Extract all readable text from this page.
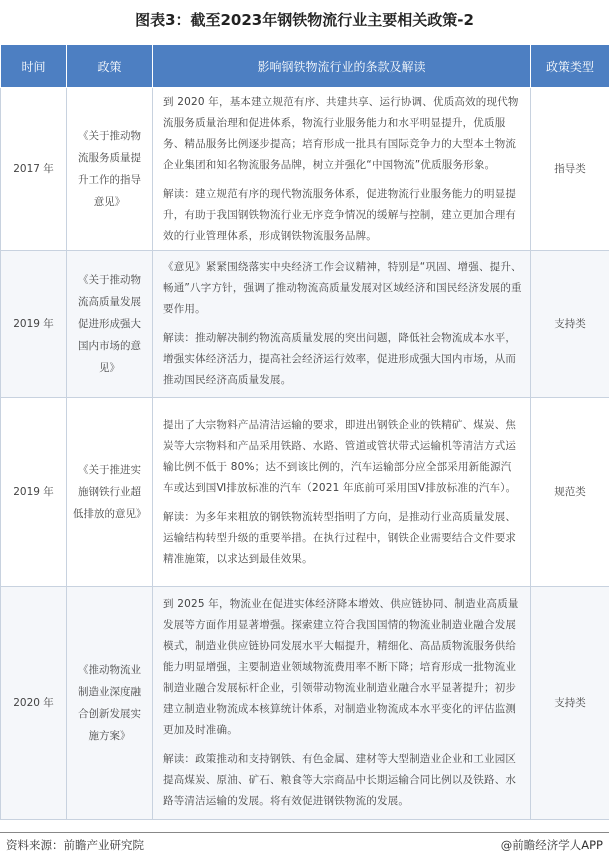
图表3：截至2023年钢铁物流行业主要相关政策-2
时间	政策	影响钢铁物流行业的条款及解读	政策类型
2017 年	《关于推动物流服务质量提升工作的指导意见》	到 2020 年，基本建立规范有序、共建共享、运行协调、优质高效的现代物流服务质量治理和促进体系，物流行业服务能力和水平明显提升，优质服务、精品服务比例逐步提高；培育形成一批具有国际竞争力的大型本土物流企业集团和知名物流服务品牌，树立并强化“中国物流”优质服务形象。

解读：建立规范有序的现代物流服务体系，促进物流行业服务能力的明显提升，有助于我国钢铁物流行业无序竞争情况的缓解与控制，建立更加合理有效的行业管理体系，形成钢铁物流服务品牌。	指导类
2019 年	《关于推动物流高质量发展促进形成强大国内市场的意见》	《意见》紧紧围绕落实中央经济工作会议精神，特别是“巩固、增强、提升、畅通”八字方针，强调了推动物流高质量发展对区域经济和国民经济发展的重要作用。

解读：推动解决制约物流高质量发展的突出问题，降低社会物流成本水平，增强实体经济活力，提高社会经济运行效率，促进形成强大国内市场，从而推动国民经济高质量发展。	支持类
2019 年	《关于推进实施钢铁行业超低排放的意见》	提出了大宗物料产品清洁运输的要求，即进出钢铁企业的铁精矿、煤炭、焦炭等大宗物料和产品采用铁路、水路、管道或管状带式运输机等清洁方式运输比例不低于 80%；达不到该比例的，汽车运输部分应全部采用新能源汽车或达到国Ⅵ排放标准的汽车（2021 年底前可采用国Ⅴ排放标准的汽车）。

解读：为多年来粗放的钢铁物流转型指明了方向，是推动行业高质量发展、运输结构转型升级的重要举措。在执行过程中，钢铁企业需要结合文件要求精准施策，以求达到最佳效果。	规范类
2020 年	《推动物流业制造业深度融合创新发展实施方案》	到 2025 年，物流业在促进实体经济降本增效、供应链协同、制造业高质量发展等方面作用显著增强。探索建立符合我国国情的物流业制造业融合发展模式，制造业供应链协同发展水平大幅提升，精细化、高品质物流服务供给能力明显增强，主要制造业领域物流费用率不断下降；培育形成一批物流业制造业融合发展标杆企业，引领带动物流业制造业融合水平显著提升；初步建立制造业物流成本核算统计体系，对制造业物流成本水平变化的评估监测更加及时准确。

解读：政策推动和支持钢铁、有色金属、建材等大型制造业企业和工业园区提高煤炭、原油、矿石、粮食等大宗商品中长期运输合同比例以及铁路、水路等清洁运输的发展。将有效促进钢铁物流的发展。	支持类
资料来源：前瞻产业研究院	@前瞻经济学人APP
